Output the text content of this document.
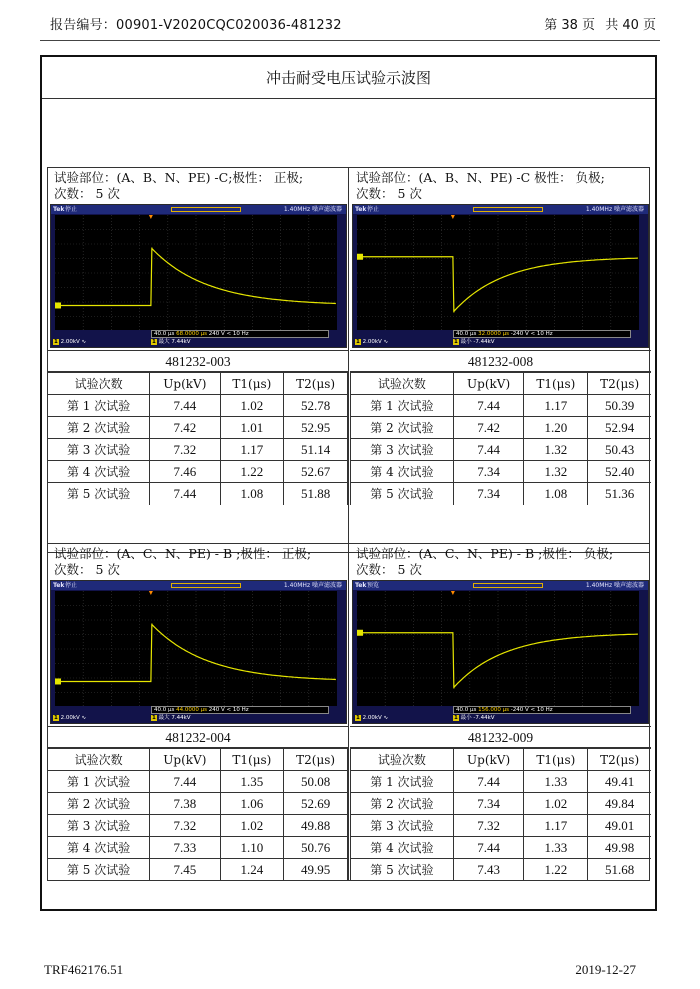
报告编号：00901-V2020CQC020036-481232	第 38 页 共 40 页
冲击耐受电压试验示波图
试验部位：(A、B、N、PE) -C;极性： 正极;
次数： 5 次
Tek 停止	1.40MHz 噪声滤波器
40.0 μs 68.0000 μs 240 V < 10 Hz
1 2.00kV ∿	1 最大 7.44kV
481232-003
试验次数	Up(kV)	T1(μs)	T2(μs)
第 1 次试验	7.44	1.02	52.78
第 2 次试验	7.42	1.01	52.95
第 3 次试验	7.32	1.17	51.14
第 4 次试验	7.46	1.22	52.67
第 5 次试验	7.44	1.08	51.88
试验部位：(A、B、N、PE) -C 极性： 负极;
次数： 5 次
Tek 停止	1.40MHz 噪声滤波器
40.0 μs 32.0000 μs -240 V < 10 Hz
1 2.00kV ∿	1 最小 -7.44kV
481232-008
试验次数	Up(kV)	T1(μs)	T2(μs)
第 1 次试验	7.44	1.17	50.39
第 2 次试验	7.42	1.20	52.94
第 3 次试验	7.44	1.32	50.43
第 4 次试验	7.34	1.32	52.40
第 5 次试验	7.34	1.08	51.36
试验部位：(A、C、N、PE) - B ;极性： 正极;
次数： 5 次
Tek 停止	1.40MHz 噪声滤波器
40.0 μs 44.0000 μs 240 V < 10 Hz
1 2.00kV ∿	1 最大 7.44kV
481232-004
试验次数	Up(kV)	T1(μs)	T2(μs)
第 1 次试验	7.44	1.35	50.08
第 2 次试验	7.38	1.06	52.69
第 3 次试验	7.32	1.02	49.88
第 4 次试验	7.33	1.10	50.76
第 5 次试验	7.45	1.24	49.95
试验部位：(A、C、N、PE) - B ;极性： 负极;
次数： 5 次
Tek 预览	1.40MHz 噪声滤波器
40.0 μs 156.000 μs -240 V < 10 Hz
1 2.00kV ∿	1 最小 -7.44kV
481232-009
试验次数	Up(kV)	T1(μs)	T2(μs)
第 1 次试验	7.44	1.33	49.41
第 2 次试验	7.34	1.02	49.84
第 3 次试验	7.32	1.17	49.01
第 4 次试验	7.44	1.33	49.98
第 5 次试验	7.43	1.22	51.68
TRF462176.51	2019-12-27
